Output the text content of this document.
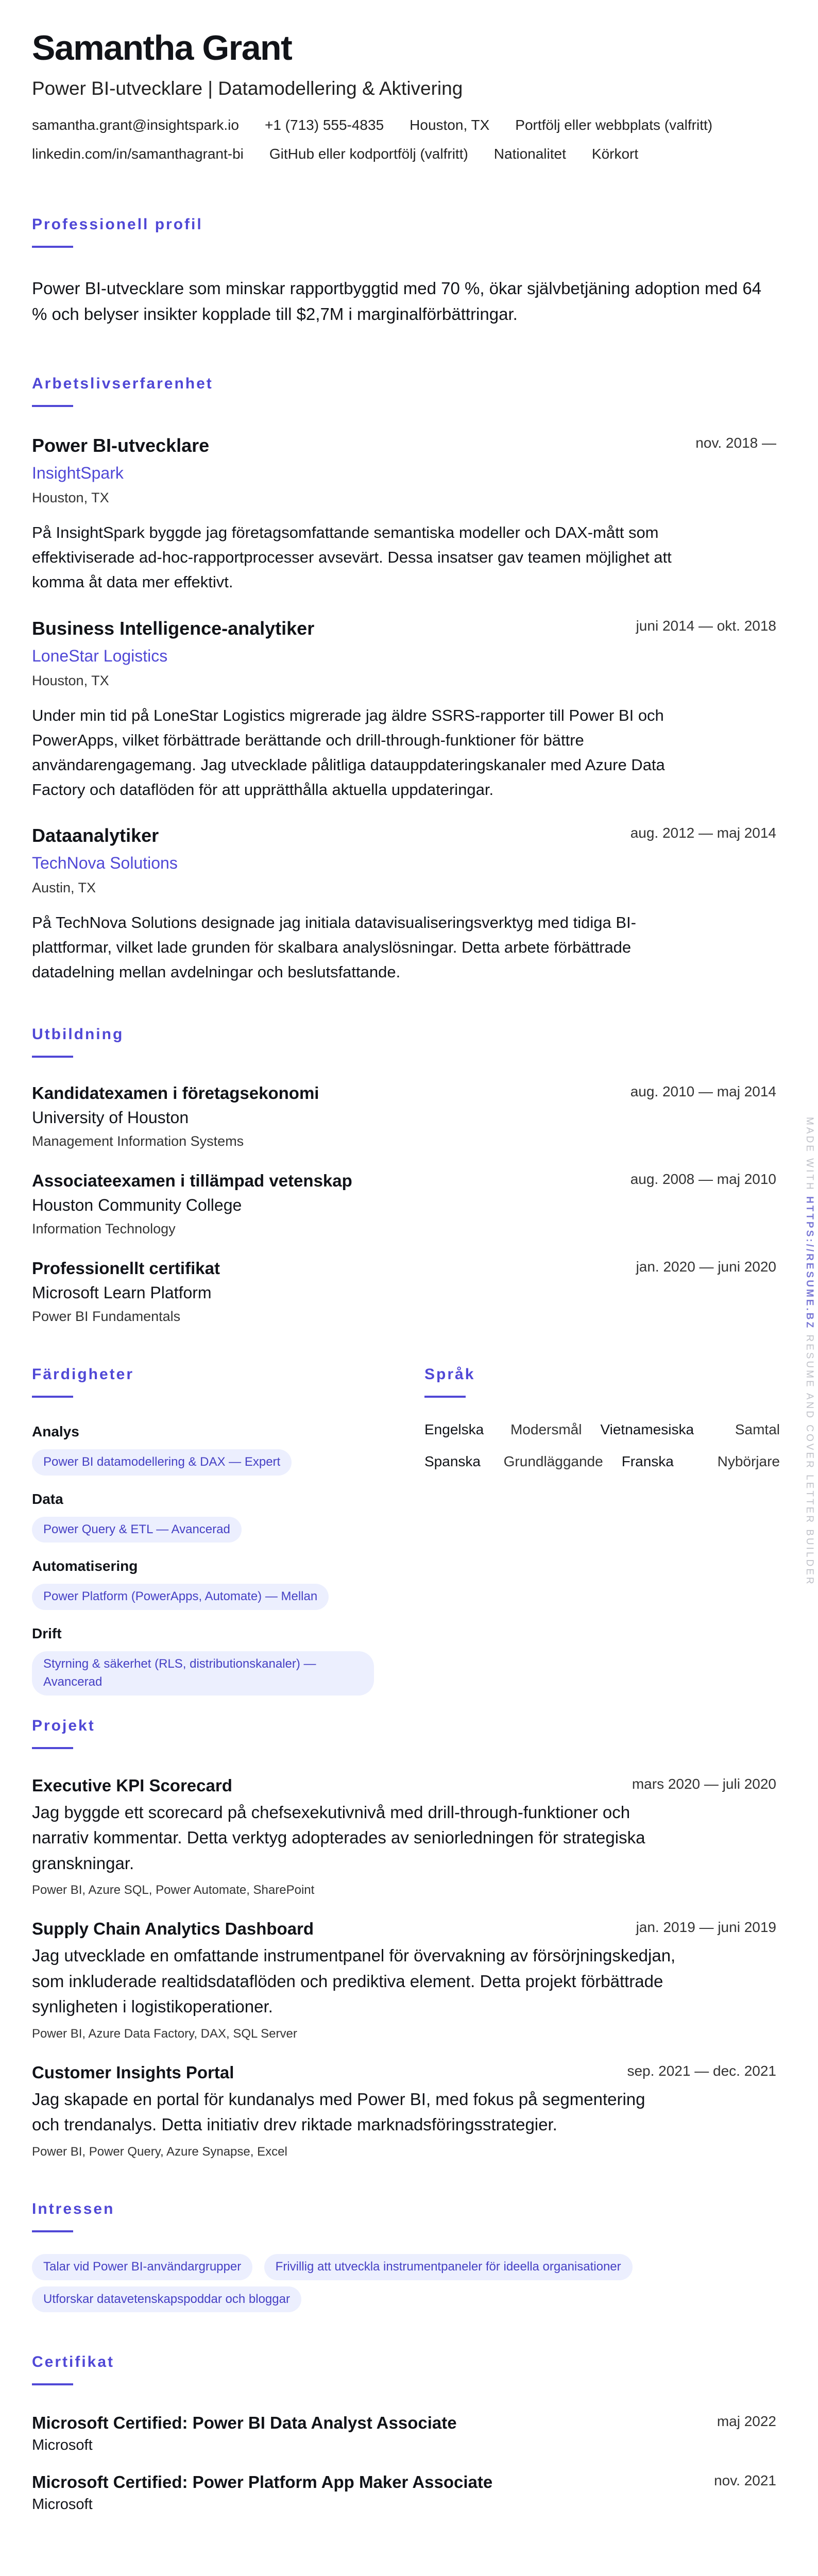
Samantha Grant
Power BI-utvecklare | Datamodellering & Aktivering
samantha.grant@insightspark.io +1 (713) 555-4835 Houston, TX Portfölj eller webbplats (valfritt)
linkedin.com/in/samanthagrant-bi GitHub eller kodportfölj (valfritt) Nationalitet Körkort
Professionell profil
Power BI-utvecklare som minskar rapportbyggtid med 70 %, ökar självbetjäning adoption med 64 % och belyser insikter kopplade till $2,7M i marginalförbättringar.
Arbetslivserfarenhet
Power BI-utvecklare	nov. 2018 —
InsightSpark
Houston, TX
På InsightSpark byggde jag företagsomfattande semantiska modeller och DAX-mått som effektiviserade ad-hoc-rapportprocesser avsevärt. Dessa insatser gav teamen möjlighet att komma åt data mer effektivt.
Business Intelligence-analytiker	juni 2014 — okt. 2018
LoneStar Logistics
Houston, TX
Under min tid på LoneStar Logistics migrerade jag äldre SSRS-rapporter till Power BI och PowerApps, vilket förbättrade berättande och drill-through-funktioner för bättre användarengagemang. Jag utvecklade pålitliga datauppdateringskanaler med Azure Data Factory och dataflöden för att upprätthålla aktuella uppdateringar.
Dataanalytiker	aug. 2012 — maj 2014
TechNova Solutions
Austin, TX
På TechNova Solutions designade jag initiala datavisualiseringsverktyg med tidiga BI-plattformar, vilket lade grunden för skalbara analyslösningar. Detta arbete förbättrade datadelning mellan avdelningar och beslutsfattande.
Utbildning
Kandidatexamen i företagsekonomi	aug. 2010 — maj 2014
University of Houston
Management Information Systems
Associateexamen i tillämpad vetenskap	aug. 2008 — maj 2010
Houston Community College
Information Technology
Professionellt certifikat	jan. 2020 — juni 2020
Microsoft Learn Platform
Power BI Fundamentals
Färdigheter
Analys
Power BI datamodellering & DAX — Expert
Data
Power Query & ETL — Avancerad
Automatisering
Power Platform (PowerApps, Automate) — Mellan
Drift
Styrning & säkerhet (RLS, distributionskanaler) — Avancerad
Språk
Engelska	Modersmål	Vietnamesiska	Samtal
Spanska	Grundläggande	Franska	Nybörjare
Projekt
Executive KPI Scorecard	mars 2020 — juli 2020
Jag byggde ett scorecard på chefsexekutivnivå med drill-through-funktioner och narrativ kommentar. Detta verktyg adopterades av seniorledningen för strategiska granskningar.
Power BI, Azure SQL, Power Automate, SharePoint
Supply Chain Analytics Dashboard	jan. 2019 — juni 2019
Jag utvecklade en omfattande instrumentpanel för övervakning av försörjningskedjan, som inkluderade realtidsdataflöden och prediktiva element. Detta projekt förbättrade synligheten i logistikoperationer.
Power BI, Azure Data Factory, DAX, SQL Server
Customer Insights Portal	sep. 2021 — dec. 2021
Jag skapade en portal för kundanalys med Power BI, med fokus på segmentering och trendanalys. Detta initiativ drev riktade marknadsföringsstrategier.
Power BI, Power Query, Azure Synapse, Excel
Intressen
Talar vid Power BI-användargrupper	Frivillig att utveckla instrumentpaneler för ideella organisationer
Utforskar datavetenskapspoddar och bloggar
Certifikat
Microsoft Certified: Power BI Data Analyst Associate	maj 2022
Microsoft
Microsoft Certified: Power Platform App Maker Associate	nov. 2021
Microsoft
MADE WITH HTTPS://RESUME.BZ RESUME AND COVER LETTER BUILDER
